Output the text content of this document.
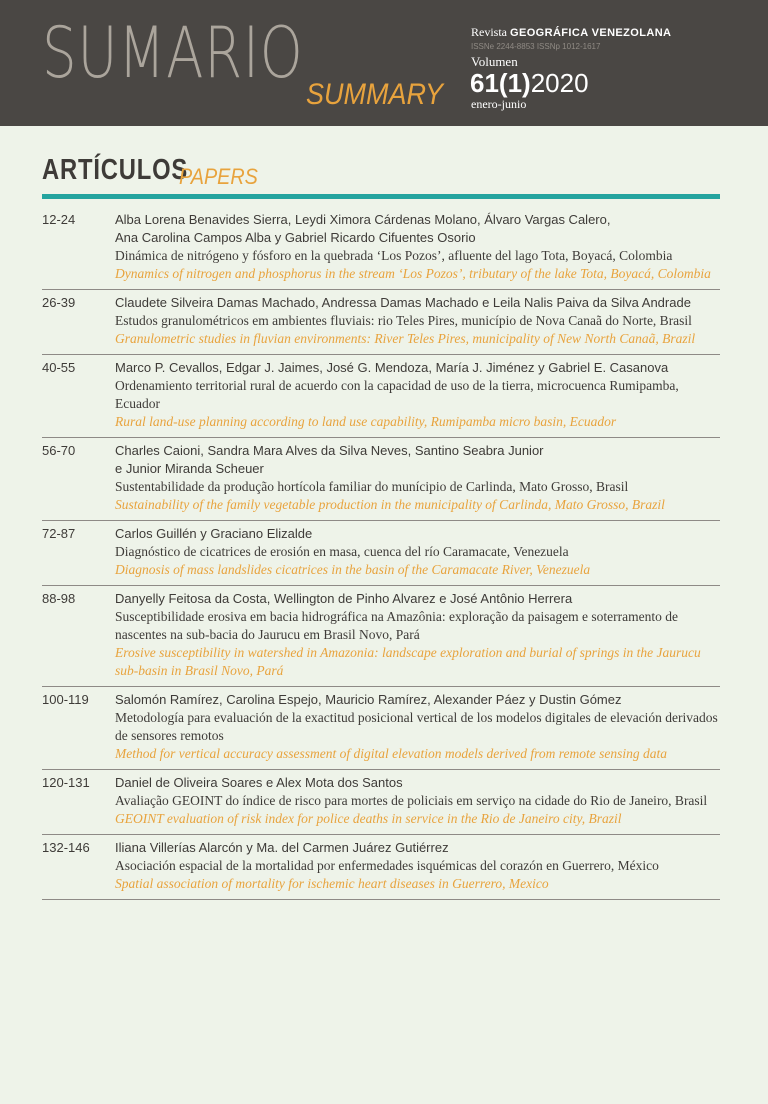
SUMARIO
SUMMARY
Revista GEOGRÁFICA VENEZOLANA
ISSNe 2244-8853 ISSNp 1012-1617
Volumen
61(1)2020
enero-junio
ARTÍCULOS
PAPERS
12-24	Alba Lorena Benavides Sierra, Leydi Ximora Cárdenas Molano, Álvaro Vargas Calero,
Ana Carolina Campos Alba y Gabriel Ricardo Cifuentes Osorio
Dinámica de nitrógeno y fósforo en la quebrada ‘Los Pozos’, afluente del lago Tota, Boyacá, Colombia
Dynamics of nitrogen and phosphorus in the stream ‘Los Pozos’, tributary of the lake Tota, Boyacá, Colombia
26-39	Claudete Silveira Damas Machado, Andressa Damas Machado e Leila Nalis Paiva da Silva Andrade
Estudos granulométricos em ambientes fluviais: rio Teles Pires, município de Nova Canaã do Norte, Brasil
Granulometric studies in fluvian environments: River Teles Pires, municipality of New North Canaã, Brazil
40-55	Marco P. Cevallos, Edgar J. Jaimes, José G. Mendoza, María J. Jiménez y Gabriel E. Casanova
Ordenamiento territorial rural de acuerdo con la capacidad de uso de la tierra, microcuenca Rumipamba, Ecuador
Rural land-use planning according to land use capability, Rumipamba micro basin, Ecuador
56-70	Charles Caioni, Sandra Mara Alves da Silva Neves, Santino Seabra Junior
e Junior Miranda Scheuer
Sustentabilidade da produção hortícola familiar do munícipio de Carlinda, Mato Grosso, Brasil
Sustainability of the family vegetable production in the municipality of Carlinda, Mato Grosso, Brazil
72-87	Carlos Guillén y Graciano Elizalde
Diagnóstico de cicatrices de erosión en masa, cuenca del río Caramacate, Venezuela
Diagnosis of mass landslides cicatrices in the basin of the Caramacate River, Venezuela
88-98	Danyelly Feitosa da Costa, Wellington de Pinho Alvarez e José Antônio Herrera
Susceptibilidade erosiva em bacia hidrográfica na Amazônia: exploração da paisagem e soterramento de nascentes na sub-bacia do Jaurucu em Brasil Novo, Pará
Erosive susceptibility in watershed in Amazonia: landscape exploration and burial of springs in the Jaurucu sub-basin in Brasil Novo, Pará
100-119	Salomón Ramírez, Carolina Espejo, Mauricio Ramírez, Alexander Páez y Dustin Gómez
Metodología para evaluación de la exactitud posicional vertical de los modelos digitales de elevación derivados de sensores remotos
Method for vertical accuracy assessment of digital elevation models derived from remote sensing data
120-131	Daniel de Oliveira Soares e Alex Mota dos Santos
Avaliação GEOINT do índice de risco para mortes de policiais em serviço na cidade do Rio de Janeiro, Brasil
GEOINT evaluation of risk index for police deaths in service in the Rio de Janeiro city, Brazil
132-146	Iliana Villerías Alarcón y Ma. del Carmen Juárez Gutiérrez
Asociación espacial de la mortalidad por enfermedades isquémicas del corazón en Guerrero, México
Spatial association of mortality for ischemic heart diseases in Guerrero, Mexico
